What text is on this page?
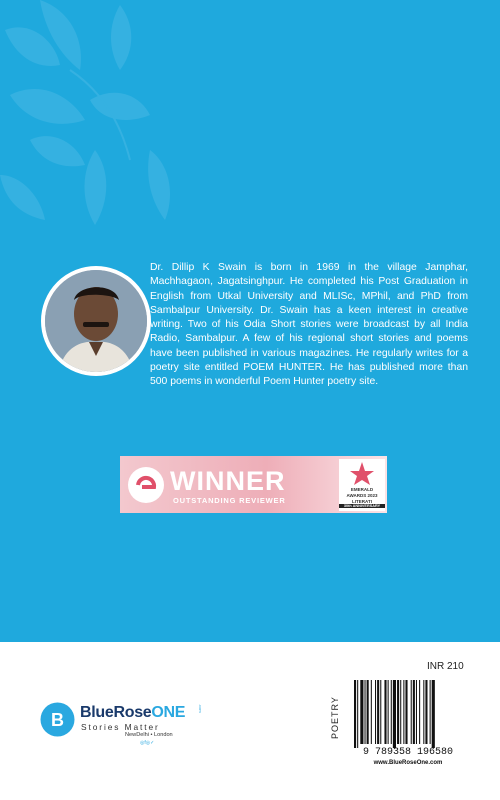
Dr. Dillip K Swain is born in 1969 in the village Jamphar, Machhagaon, Jagatsinghpur. He completed his Post Graduation in English from Utkal University and MLISc, MPhil, and PhD from Sambalpur University. Dr. Swain has a keen interest in creative writing. Two of his Odia Short stories were broadcast by all India Radio, Sambalpur. A few of his regional short stories and poems have been published in various magazines. He regularly writes for a poetry site entitled POEM HUNTER. He has published more than 500 poems in wonderful Poem Hunter poetry site.
WINNER
OUTSTANDING REVIEWER
EMERALD
AWARDS 2023
LITERATI
30th ANNIVERSARY
INR 210
B BlueRoseONE	.com
Stories Matter
NewDelhi • London
◎f◎✓
POETRY
9 789358 196580
www.BlueRoseOne.com
